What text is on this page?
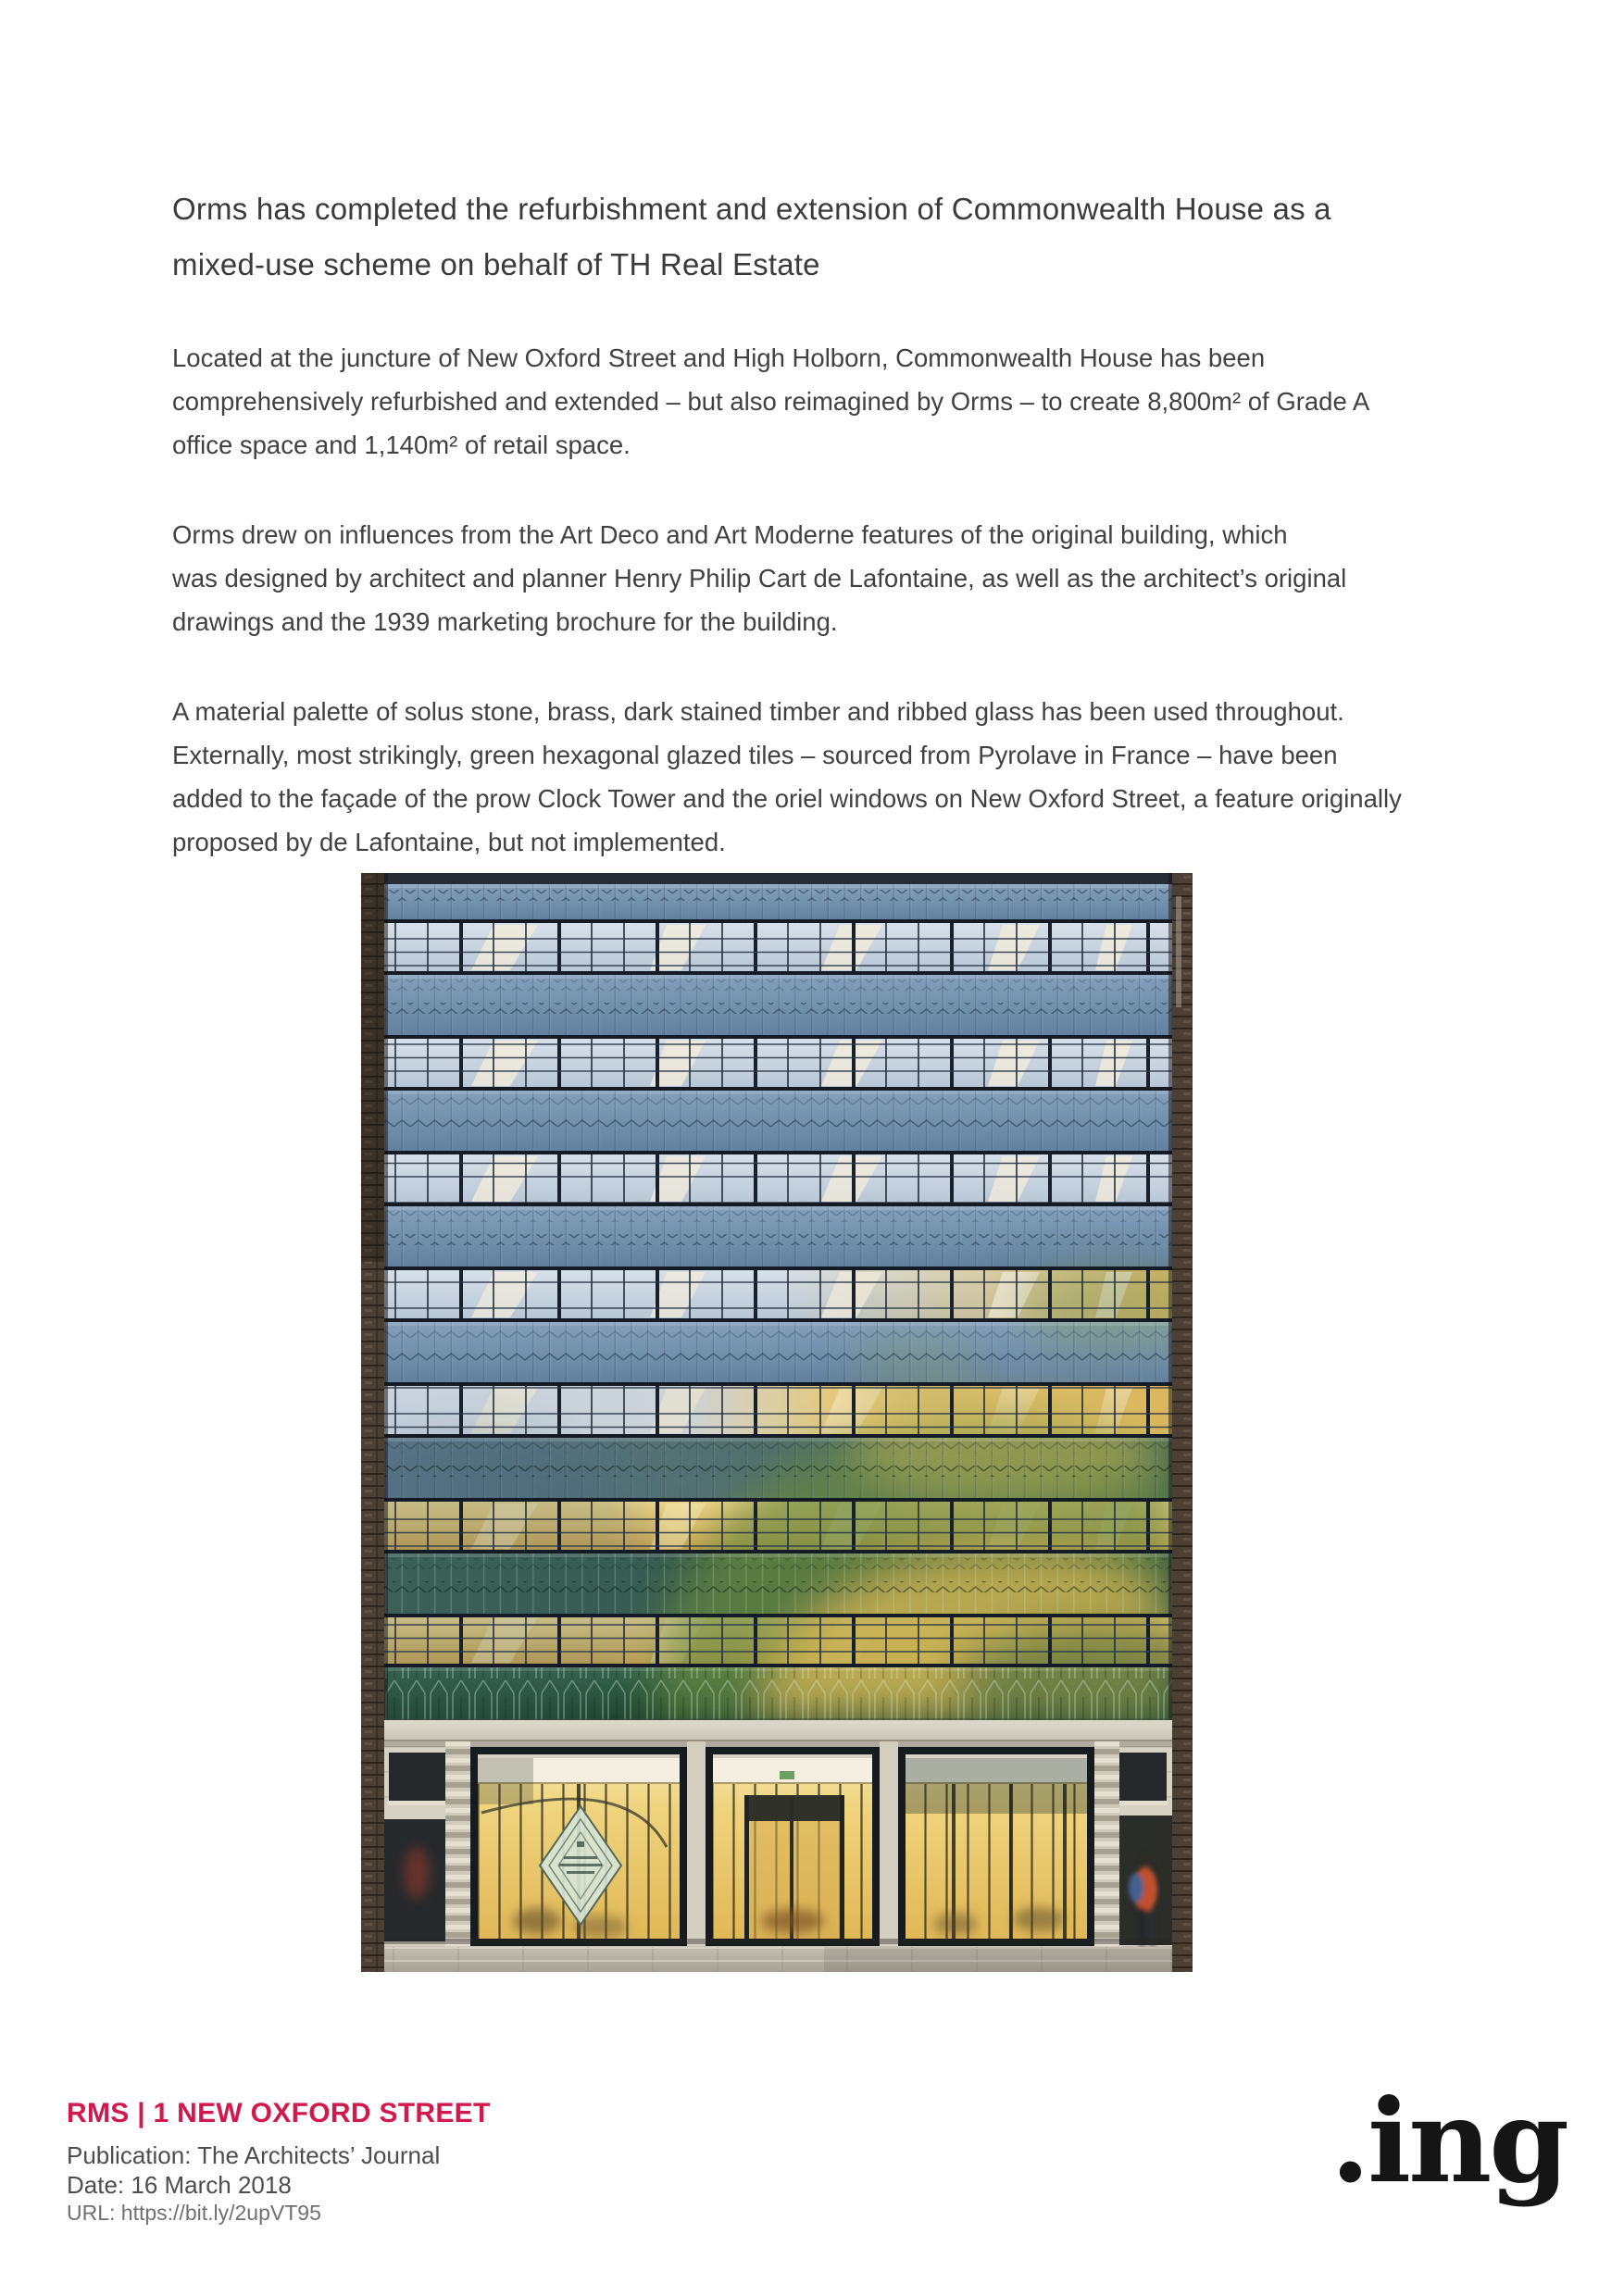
Orms has completed the refurbishment and extension of Commonwealth House as a
mixed-use scheme on behalf of TH Real Estate
Located at the juncture of New Oxford Street and High Holborn, Commonwealth House has been
comprehensively refurbished and extended – but also reimagined by Orms – to create 8,800m² of Grade A
office space and 1,140m² of retail space.
Orms drew on influences from the Art Deco and Art Moderne features of the original building, which
was designed by architect and planner Henry Philip Cart de Lafontaine, as well as the architect’s original
drawings and the 1939 marketing brochure for the building.
A material palette of solus stone, brass, dark stained timber and ribbed glass has been used throughout.
Externally, most strikingly, green hexagonal glazed tiles – sourced from Pyrolave in France – have been
added to the façade of the prow Clock Tower and the oriel windows on New Oxford Street, a feature originally
proposed by de Lafontaine, but not implemented.
RMS | 1 NEW OXFORD STREET
Publication: The Architects’ Journal
Date: 16 March 2018
URL: https://bit.ly/2upVT95
.ing
